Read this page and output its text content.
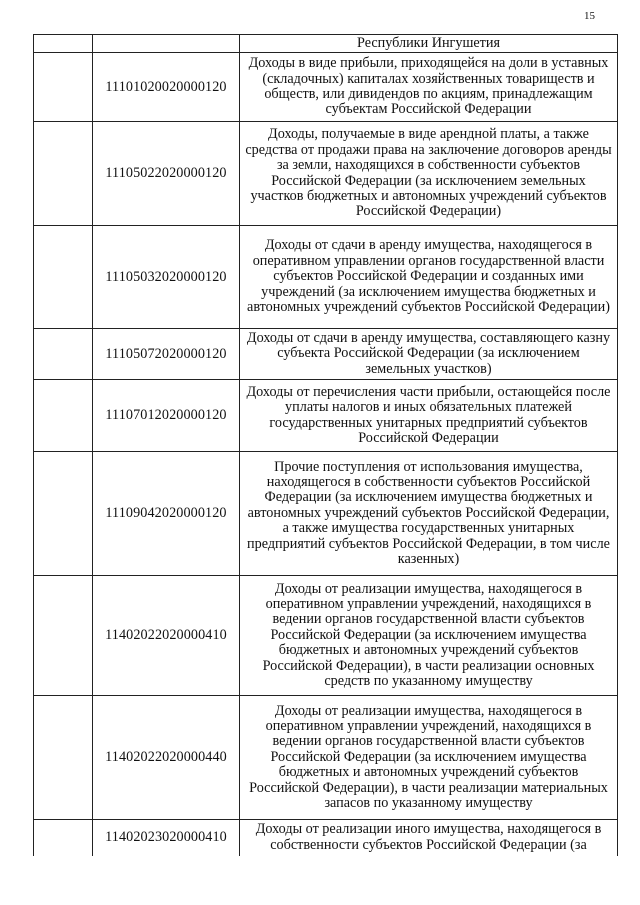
15
		Республики Ингушетия
	11101020020000120	Доходы в виде прибыли, приходящейся на доли в уставных (складочных) капиталах хозяйственных товариществ и обществ, или дивидендов по акциям, принадлежащим субъектам Российской Федерации
	11105022020000120	Доходы, получаемые в виде арендной платы, а также средства от продажи права на заключение договоров аренды за земли, находящихся в собственности субъектов Российской Федерации (за исключением земельных участков бюджетных и автономных учреждений субъектов Российской Федерации)
	11105032020000120	Доходы от сдачи в аренду имущества, находящегося в оперативном управлении органов государственной власти субъектов Российской Федерации и созданных ими учреждений (за исключением имущества бюджетных и автономных учреждений субъектов Российской Федерации)
	11105072020000120	Доходы от сдачи в аренду имущества, составляющего казну субъекта Российской Федерации (за исключением земельных участков)
	11107012020000120	Доходы от перечисления части прибыли, остающейся после уплаты налогов и иных обязательных платежей государственных унитарных предприятий субъектов Российской Федерации
	11109042020000120	Прочие поступления от использования имущества, находящегося в собственности субъектов Российской Федерации (за исключением имущества бюджетных и автономных учреждений субъектов Российской Федерации, а также имущества государственных унитарных предприятий субъектов Российской Федерации, в том числе казенных)
	11402022020000410	Доходы от реализации имущества, находящегося в оперативном управлении учреждений, находящихся в ведении органов государственной власти субъектов Российской Федерации (за исключением имущества бюджетных и автономных учреждений субъектов Российской Федерации), в части реализации основных средств по указанному имуществу
	11402022020000440	Доходы от реализации имущества, находящегося в оперативном управлении учреждений, находящихся в ведении органов государственной власти субъектов Российской Федерации (за исключением имущества бюджетных и автономных учреждений субъектов Российской Федерации), в части реализации материальных запасов по указанному имуществу
	11402023020000410	Доходы от реализации иного имущества, находящегося в собственности субъектов Российской Федерации (за
